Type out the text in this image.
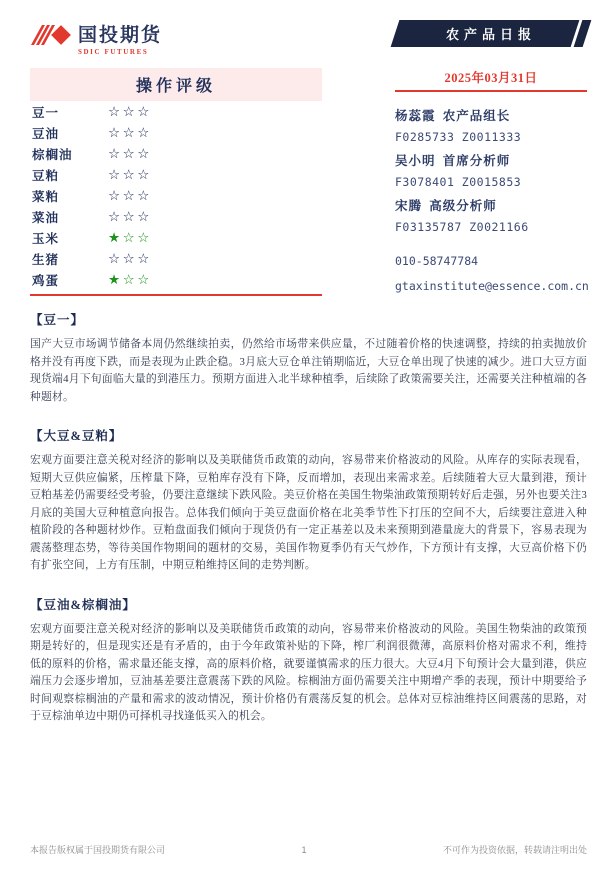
国投期货
SDIC FUTURES
农产品日报
操作评级
豆一	☆☆☆
豆油	☆☆☆
棕榈油	☆☆☆
豆粕	☆☆☆
菜粕	☆☆☆
菜油	☆☆☆
玉米	★☆☆
生猪	☆☆☆
鸡蛋	★☆☆
2025年03月31日
杨蕊霞 农产品组长
F0285733 Z0011333
吴小明 首席分析师
F3078401 Z0015853
宋腾 高级分析师
F03135787 Z0021166
010-58747784
gtaxinstitute@essence.com.cn
【豆一】

国产大豆市场调节储备本周仍然继续拍卖，仍然给市场带来供应量，不过随着价格的快速调整，持续的拍卖抛放价格并没有再度下跌，而是表现为止跌企稳。3月底大豆仓单注销期临近，大豆仓单出现了快速的减少。进口大豆方面现货端4月下旬面临大量的到港压力。预期方面进入北半球种植季，后续除了政策需要关注，还需要关注种植端的各种题材。

【大豆&豆粕】

宏观方面要注意关税对经济的影响以及美联储货币政策的动向，容易带来价格波动的风险。从库存的实际表现看，短期大豆供应偏紧，压榨量下降，豆粕库存没有下降，反而增加，表现出来需求差。后续随着大豆大量到港，预计豆粕基差仍需要经受考验，仍要注意继续下跌风险。美豆价格在美国生物柴油政策预期转好后走强，另外也要关注3月底的美国大豆种植意向报告。总体我们倾向于美豆盘面价格在北美季节性下打压的空间不大，后续要注意进入种植阶段的各种题材炒作。豆粕盘面我们倾向于现货仍有一定正基差以及未来预期到港量庞大的背景下，容易表现为震荡整理态势，等待美国作物期间的题材的交易，美国作物夏季仍有天气炒作，下方预计有支撑，大豆高价格下仍有扩张空间，上方有压制，中期豆粕维持区间的走势判断。

【豆油&棕榈油】

宏观方面要注意关税对经济的影响以及美联储货币政策的动向，容易带来价格波动的风险。美国生物柴油的政策预期是转好的，但是现实还是有矛盾的，由于今年政策补贴的下降，榨厂利润很微薄，高原料价格对需求不利，维持低的原料的价格，需求量还能支撑，高的原料价格，就要谨慎需求的压力很大。大豆4月下旬预计会大量到港，供应端压力会逐步增加，豆油基差要注意震荡下跌的风险。棕榈油方面仍需要关注中期增产季的表现，预计中期要给予时间观察棕榈油的产量和需求的波动情况，预计价格仍有震荡反复的机会。总体对豆棕油维持区间震荡的思路，对于豆棕油单边中期仍可择机寻找逢低买入的机会。

本报告版权属于国投期货有限公司	1	不可作为投资依据，转载请注明出处
